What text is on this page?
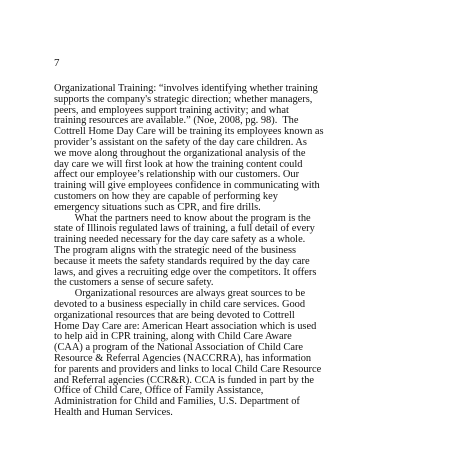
7
Organizational Training: “involves identifying whether training
supports the company's strategic direction; whether managers,
peers, and employees support training activity; and what
training resources are available.” (Noe, 2008, pg. 98).  The
Cottrell Home Day Care will be training its employees known as
provider’s assistant on the safety of the day care children. As
we move along throughout the organizational analysis of the
day care we will first look at how the training content could
affect our employee’s relationship with our customers. Our
training will give employees confidence in communicating with
customers on how they are capable of performing key
emergency situations such as CPR, and fire drills.
What the partners need to know about the program is the
state of Illinois regulated laws of training, a full detail of every
training needed necessary for the day care safety as a whole.
The program aligns with the strategic need of the business
because it meets the safety standards required by the day care
laws, and gives a recruiting edge over the competitors. It offers
the customers a sense of secure safety.
Organizational resources are always great sources to be
devoted to a business especially in child care services. Good
organizational resources that are being devoted to Cottrell
Home Day Care are: American Heart association which is used
to help aid in CPR training, along with Child Care Aware
(CAA) a program of the National Association of Child Care
Resource & Referral Agencies (NACCRRA), has information
for parents and providers and links to local Child Care Resource
and Referral agencies (CCR&R). CCA is funded in part by the
Office of Child Care, Office of Family Assistance,
Administration for Child and Families, U.S. Department of
Health and Human Services.
